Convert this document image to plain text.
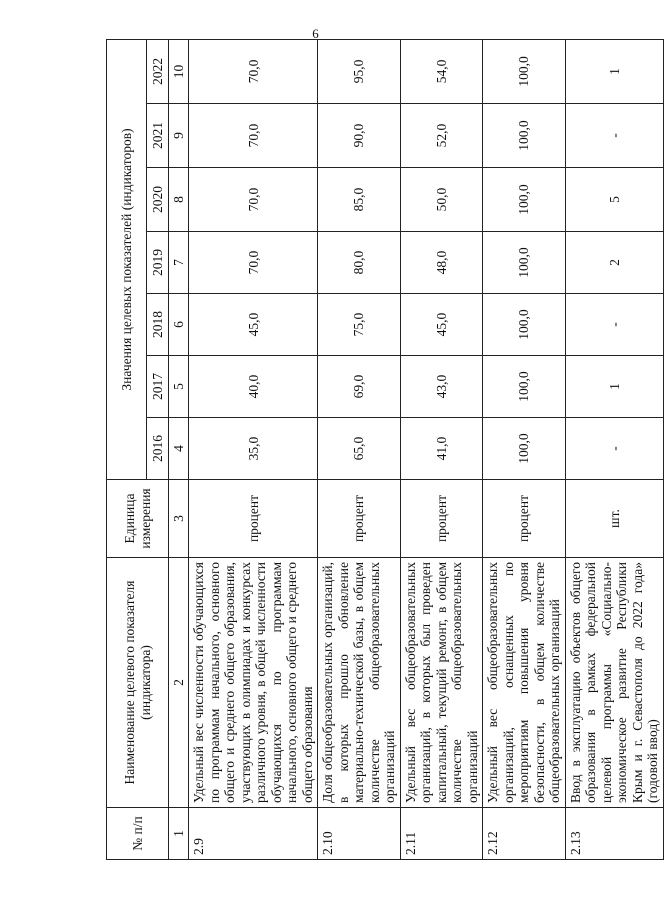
6
№ п/п	Наименование целевого показателя (индикатора)	Единица измерения	Значения целевых показателей (индикаторов)						
			2016	2017	2018	2019	2020	2021	2022
1	2	3	4	5	6	7	8	9	10
2.9	Удельный вес численности обучающихся по программам начального, основного общего и среднего общего образования, участвующих в олимпиадах и конкурсах различного уровня, в общей численности обучающихся по программам начального, основного общего и среднего общего образования	процент	35,0	40,0	45,0	70,0	70,0	70,0	70,0
2.10	Доля общеобразовательных организаций, в которых прошло обновление материально-технической базы, в общем количестве общеобразовательных организаций	процент	65,0	69,0	75,0	80,0	85,0	90,0	95,0
2.11	Удельный вес общеобразовательных организаций, в которых был проведен капитальный, текущий ремонт, в общем количестве общеобразовательных организаций	процент	41,0	43,0	45,0	48,0	50,0	52,0	54,0
2.12	Удельный вес общеобразовательных организаций, оснащенных по мероприятиям повышения уровня безопасности, в общем количестве общеобразовательных организаций	процент	100,0	100,0	100,0	100,0	100,0	100,0	100,0
2.13	Ввод в эксплуатацию объектов общего образования в рамках федеральной целевой программы «Социально-экономическое развитие Республики Крым и г. Севастополя до 2022 года» (годовой ввод)	шт.	-	1	-	2	5	-	1
